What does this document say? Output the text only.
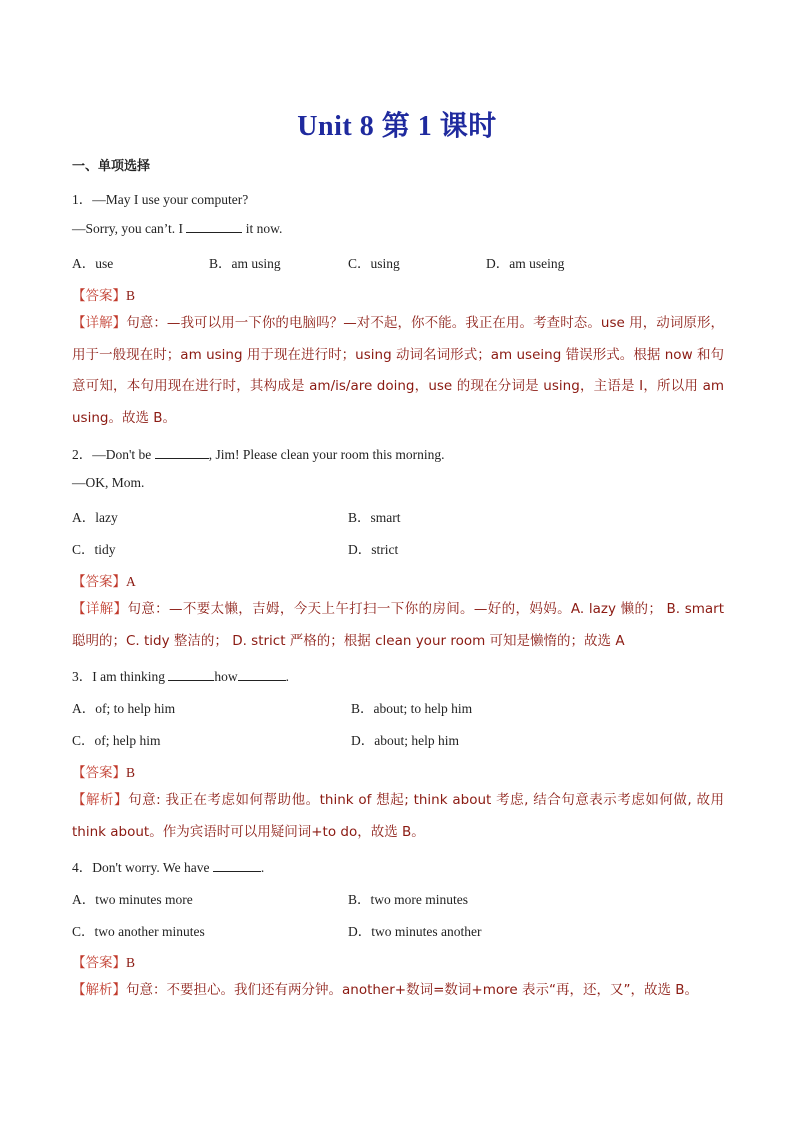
Unit 8 第 1 课时
一、单项选择
1．—May I use your computer?
—Sorry, you can’t. I	it now.
A．use	B．am using	C．using	D．am useing
【答案】B
【详解】句意：—我可以用一下你的电脑吗？—对不起，你不能。我正在用。考查时态。use 用，动词原形，用于一般现在时；am using 用于现在进行时；using 动词名词形式；am useing 错误形式。根据 now 和句意可知，本句用现在进行时，其构成是 am/is/are doing，use 的现在分词是 using，主语是 I，所以用 am using。故选 B。
2．—Don't be	, Jim! Please clean your room this morning.
—OK, Mom.
A．lazy	B．smart
C．tidy	D．strict
【答案】A
【详解】句意：—不要太懒，吉姆，今天上午打扫一下你的房间。—好的，妈妈。A. lazy 懒的； B. smart 聪明的；C. tidy 整洁的； D. strict 严格的；根据 clean your room 可知是懒惰的；故选 A
3．I am thinking	how	.
A．of; to help him	B．about; to help him
C．of; help him	D．about; help him
【答案】B
【解析】句意: 我正在考虑如何帮助他。think of 想起; think about 考虑, 结合句意表示考虑如何做, 故用 think about。作为宾语时可以用疑问词+to do，故选 B。
4．Don't worry. We have	.
A．two minutes more	B．two more minutes
C．two another minutes	D．two minutes another
【答案】B
【解析】句意：不要担心。我们还有两分钟。another+数词=数词+more 表示“再，还，又”，故选 B。
